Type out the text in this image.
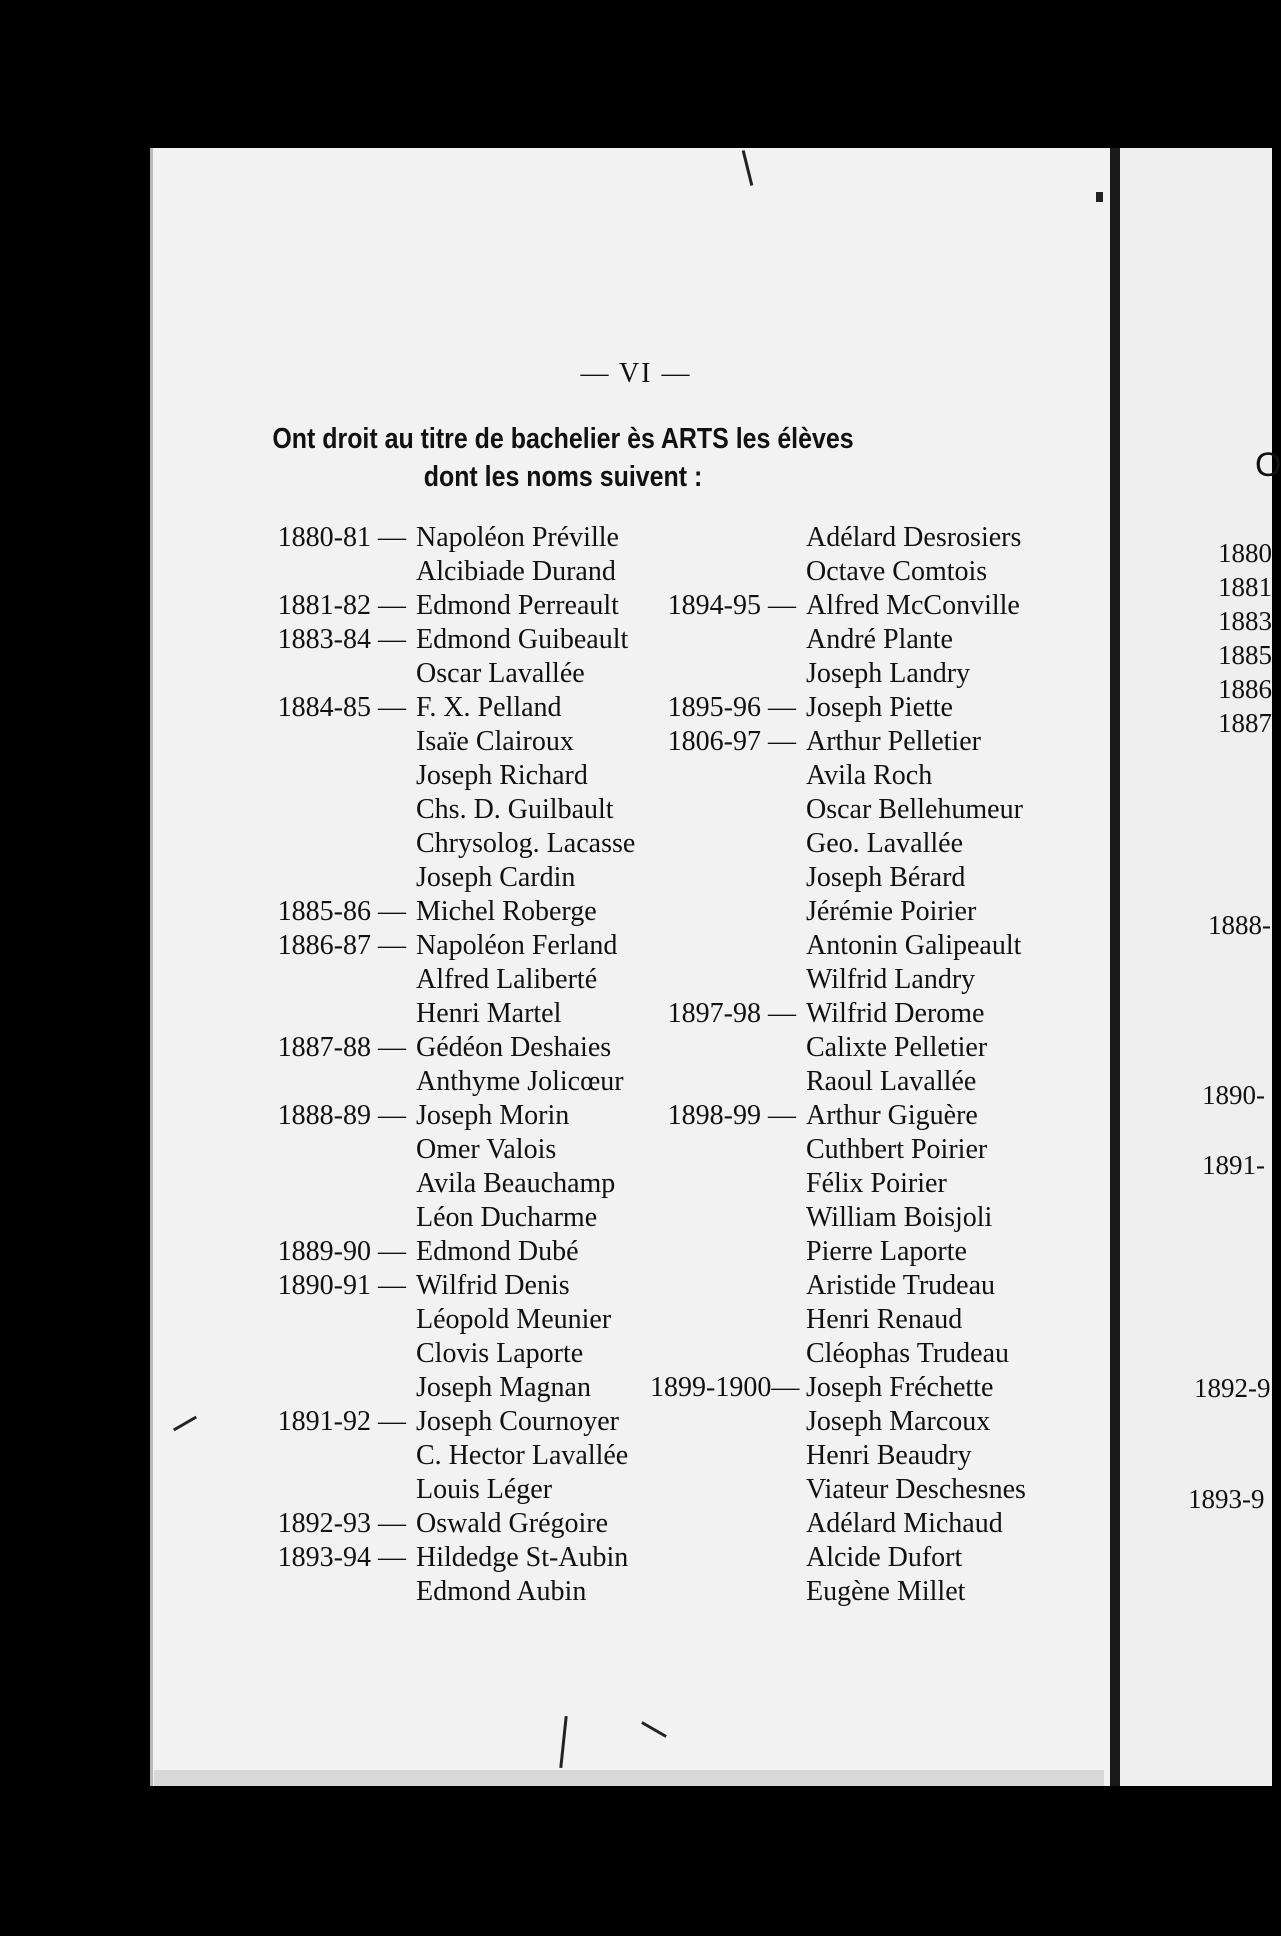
O
1880
1881
1883
1885
1886
1887
1888-
1890-
1891-
1892-9
1893-9
— VI —
Ont droit au titre de bachelier ès ARTS les élèves
dont les noms suivent :
1880-81 — Napoléon Préville
Alcibiade Durand
1881-82 — Edmond Perreault
1883-84 — Edmond Guibeault
Oscar Lavallée
1884-85 — F. X. Pelland
Isaïe Clairoux
Joseph Richard
Chs. D. Guilbault
Chrysolog. Lacasse
Joseph Cardin
1885-86 — Michel Roberge
1886-87 — Napoléon Ferland
Alfred Laliberté
Henri Martel
1887-88 — Gédéon Deshaies
Anthyme Jolicœur
1888-89 — Joseph Morin
Omer Valois
Avila Beauchamp
Léon Ducharme
1889-90 — Edmond Dubé
1890-91 — Wilfrid Denis
Léopold Meunier
Clovis Laporte
Joseph Magnan
1891-92 — Joseph Cournoyer
C. Hector Lavallée
Louis Léger
1892-93 — Oswald Grégoire
1893-94 — Hildedge St-Aubin
Edmond Aubin
Adélard Desrosiers
Octave Comtois
1894-95 — Alfred McConville
André Plante
Joseph Landry
1895-96 — Joseph Piette
1806-97 — Arthur Pelletier
Avila Roch
Oscar Bellehumeur
Geo. Lavallée
Joseph Bérard
Jérémie Poirier
Antonin Galipeault
Wilfrid Landry
1897-98 — Wilfrid Derome
Calixte Pelletier
Raoul Lavallée
1898-99 — Arthur Giguère
Cuthbert Poirier
Félix Poirier
William Boisjoli
Pierre Laporte
Aristide Trudeau
Henri Renaud
Cléophas Trudeau
1899-1900— Joseph Fréchette
Joseph Marcoux
Henri Beaudry
Viateur Deschesnes
Adélard Michaud
Alcide Dufort
Eugène Millet
